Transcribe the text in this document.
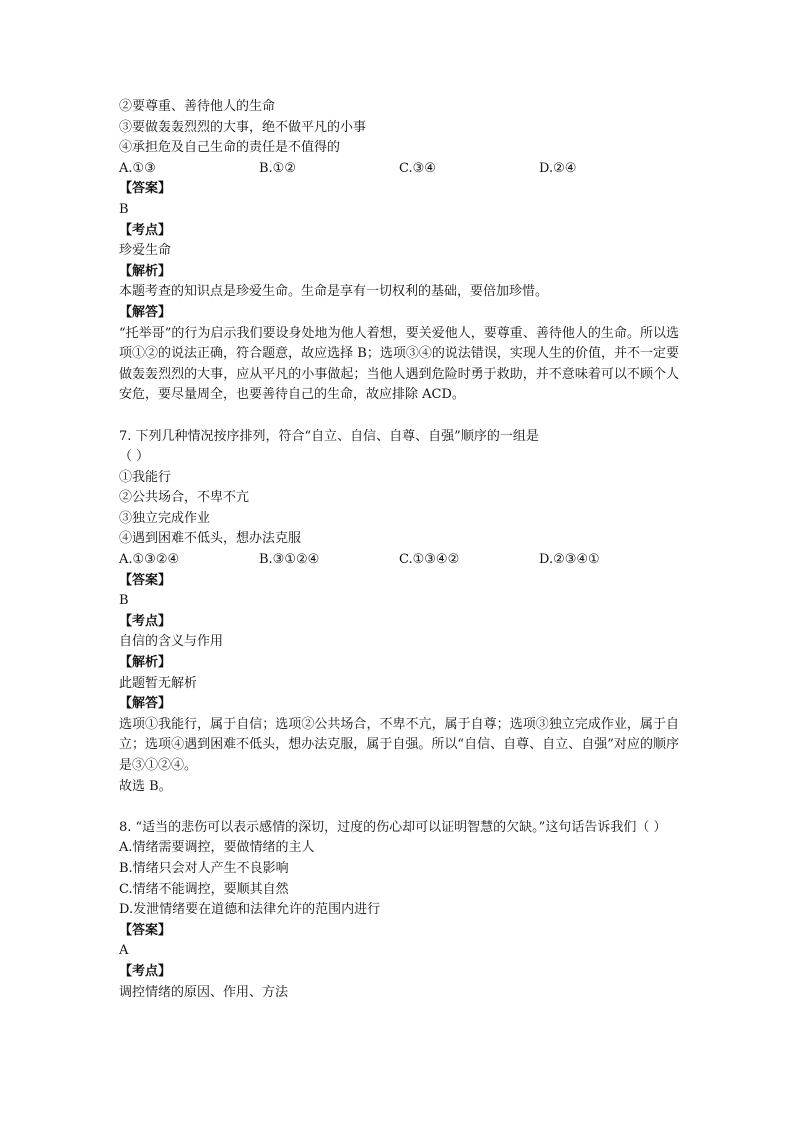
②要尊重、善待他人的生命
③要做轰轰烈烈的大事，绝不做平凡的小事
④承担危及自己生命的责任是不值得的
A.①③	B.①②	C.③④	D.②④
【答案】
B
【考点】
珍爱生命
【解析】
本题考查的知识点是珍爱生命。生命是享有一切权利的基础，要倍加珍惜。
【解答】
“托举哥”的行为启示我们要设身处地为他人着想，要关爱他人，要尊重、善待他人的生命。所以选项①②的说法正确，符合题意，故应选择 B；选项③④的说法错误，实现人生的价值，并不一定要做轰轰烈烈的大事，应从平凡的小事做起；当他人遇到危险时勇于救助，并不意味着可以不顾个人安危，要尽量周全，也要善待自己的生命，故应排除 ACD。
7. 下列几种情况按序排列，符合“自立、自信、自尊、自强”顺序的一组是
（ ）
①我能行
②公共场合，不卑不亢
③独立完成作业
④遇到困难不低头，想办法克服
A.①③②④	B.③①②④	C.①③④②	D.②③④①
【答案】
B
【考点】
自信的含义与作用
【解析】
此题暂无解析
【解答】
选项①我能行，属于自信；选项②公共场合，不卑不亢，属于自尊；选项③独立完成作业，属于自立；选项④遇到困难不低头，想办法克服，属于自强。所以“自信、自尊、自立、自强”对应的顺序是③①②④。
故选 B。
8. “适当的悲伤可以表示感情的深切，过度的伤心却可以证明智慧的欠缺。”这句话告诉我们（ ）
A.情绪需要调控，要做情绪的主人
B.情绪只会对人产生不良影响
C.情绪不能调控，要顺其自然
D.发泄情绪要在道德和法律允许的范围内进行
【答案】
A
【考点】
调控情绪的原因、作用、方法
